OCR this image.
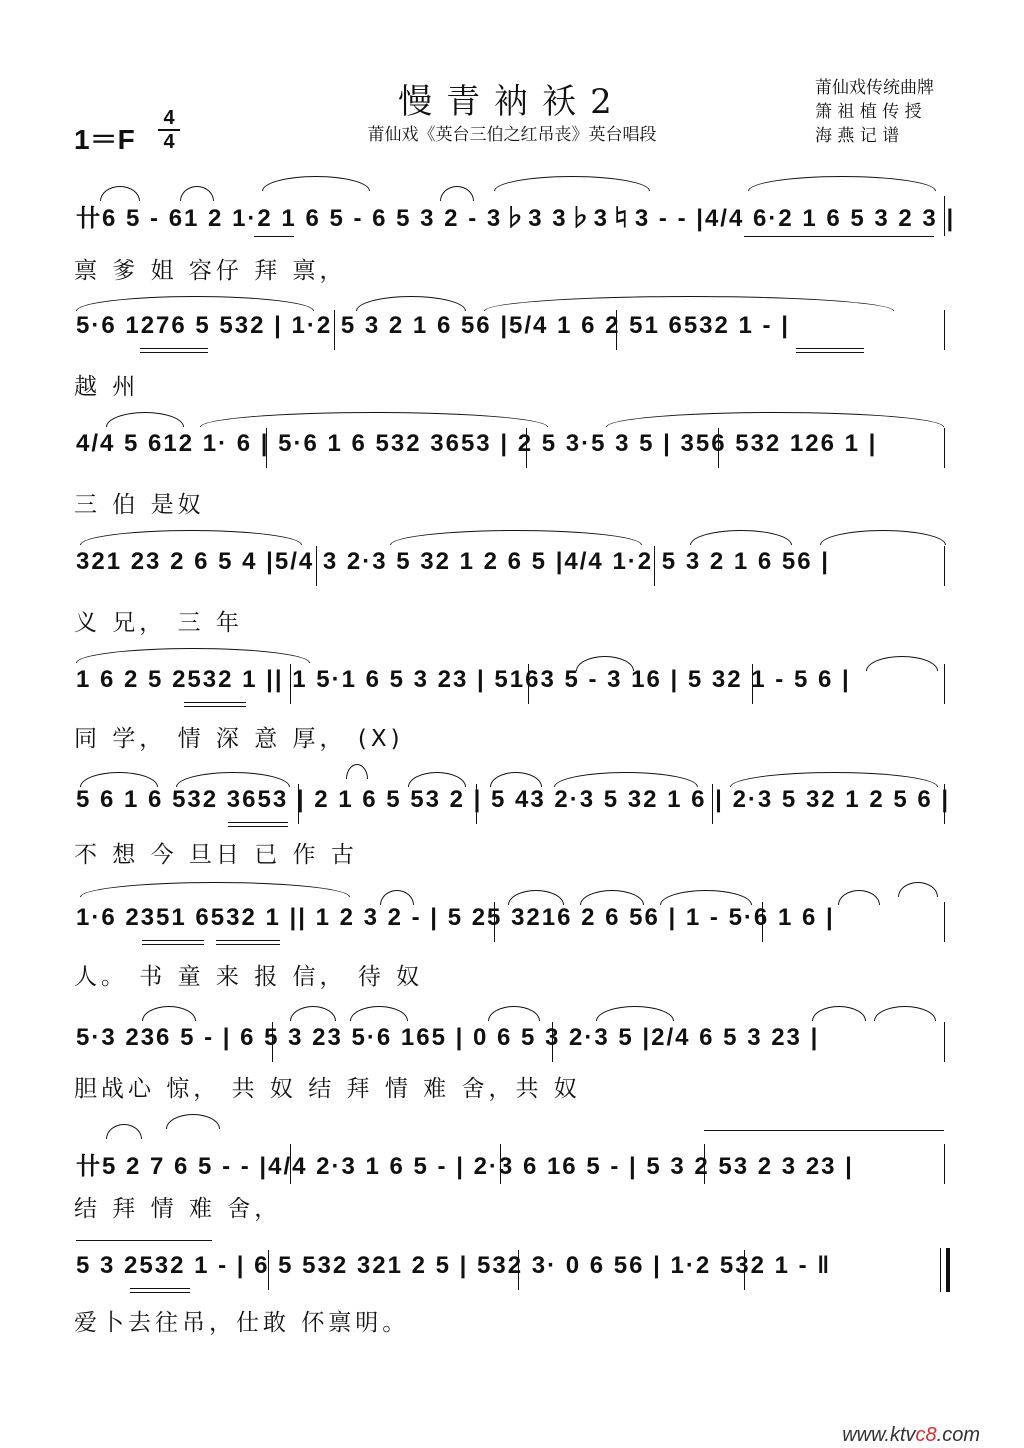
慢青衲袄2
莆仙戏《英台三伯之红吊丧》英台唱段
1＝F
4
4
莆仙戏传统曲牌
箫 祖 植 传 授
海 燕 记 谱
卄6 5 - 61 2 1·2 1 6 5 - 6 5 3 2 - 3♭3 3♭3♮3 - - |4/4 6·2 1 6 5 3 2 3 |
禀 爹 姐 容仔 拜 禀，
5·6 1276 5 532 | 1·2 5 3 2 1 6 56 |5/4 1 6 2 51 6532 1 - |
越 州
4/4 5 612 1· 6 | 5·6 1 6 532 3653 | 2 5 3·5 3 5 | 356 532 126 1 |
三 伯 是奴
321 23 2 6 5 4 |5/4 3 2·3 5 32 1 2 6 5 |4/4 1·2 5 3 2 1 6 56 |
义 兄， 三 年
1 6 2 5 2532 1 || 1 5·1 6 5 3 23 | 5163 5 - 3 16 | 5 32 1 - 5 6 |
同 学， 情 深 意 厚， (X)
5 6 1 6 532 3653 | 2 1 6 5 53 2 | 5 43 2·3 5 32 1 6 | 2·3 5 32 1 2 5 6 |
不 想 今 旦日 已 作 古
1·6 2351 6532 1 || 1 2 3 2 - | 5 25 3216 2 6 56 | 1 - 5·6 1 6 |
人。 书 童 来 报 信， 待 奴
5·3 236 5 - | 6 5 3 23 5·6 165 | 0 6 5 3 2·3 5 |2/4 6 5 3 23 |
胆战心 惊， 共 奴 结 拜 情 难 舍，共 奴
卄5 2 7 6 5 - - |4/4 2·3 1 6 5 - | 2·3 6 16 5 - | 5 3 2 53 2 3 23 |
结 拜 情 难 舍，
5 3 2532 1 - | 6 5 532 321 2 5 | 532 3· 0 6 56 | 1·2 532 1 - ‖
爱卜去往吊，仕敢 伓禀明。
www.ktvc8.com
